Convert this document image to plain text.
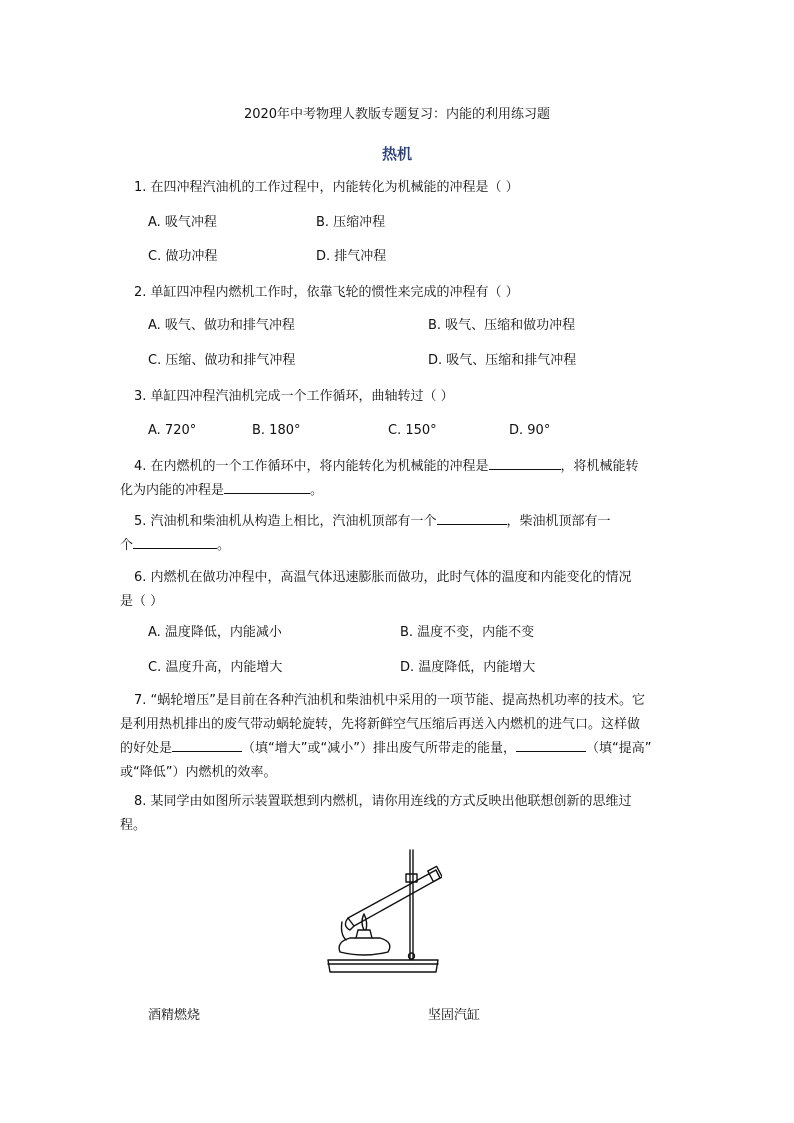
2020年中考物理人教版专题复习：内能的利用练习题
热机
1. 在四冲程汽油机的工作过程中，内能转化为机械能的冲程是（ ）
A. 吸气冲程	B. 压缩冲程
C. 做功冲程	D. 排气冲程
2. 单缸四冲程内燃机工作时，依靠飞轮的惯性来完成的冲程有（ ）
A. 吸气、做功和排气冲程	B. 吸气、压缩和做功冲程
C. 压缩、做功和排气冲程	D. 吸气、压缩和排气冲程
3. 单缸四冲程汽油机完成一个工作循环，曲轴转过（ ）
A. 720°	B. 180°	C. 150°	D. 90°
4. 在内燃机的一个工作循环中，将内能转化为机械能的冲程是	，将机械能转
化为内能的冲程是	。
5. 汽油机和柴油机从构造上相比，汽油机顶部有一个	，柴油机顶部有一
个	。
6. 内燃机在做功冲程中，高温气体迅速膨胀而做功，此时气体的温度和内能变化的情况
是（ ）
A. 温度降低，内能减小	B. 温度不变，内能不变
C. 温度升高，内能增大	D. 温度降低，内能增大
7. “蜗轮增压”是目前在各种汽油机和柴油机中采用的一项节能、提高热机功率的技术。它
是利用热机排出的废气带动蜗轮旋转，先将新鲜空气压缩后再送入内燃机的进气口。这样做
的好处是	（填“增大”或“减小”）排出废气所带走的能量，	（填“提高”
或“降低”）内燃机的效率。
8. 某同学由如图所示装置联想到内燃机，请你用连线的方式反映出他联想创新的思维过
程。
酒精燃烧	坚固汽缸
